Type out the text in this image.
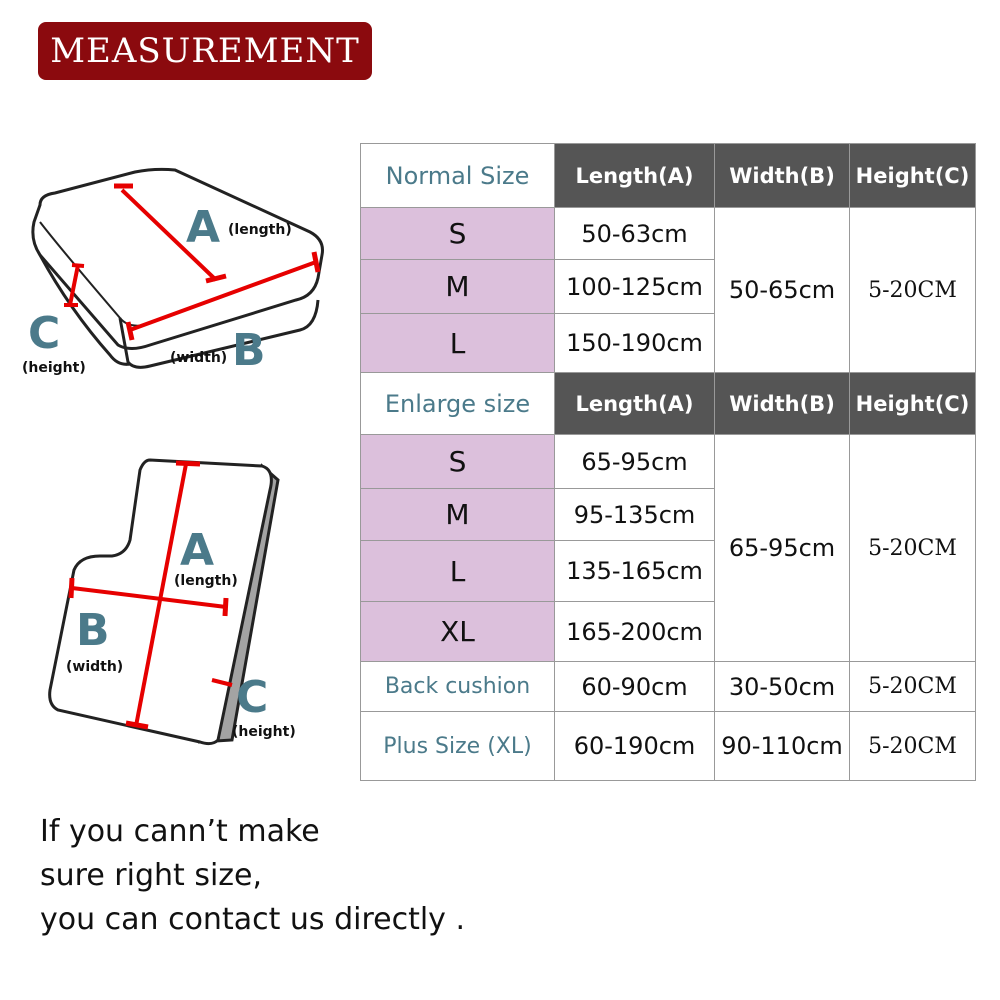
MEASUREMENT
A (length)
B
(width)
C
(height)
A
(length)
B
(width)
C
(height)
Normal Size	Length(A)	Width(B)	Height(C)
S	50-63cm	50-65cm	5-20CM
M	100-125cm		
L	150-190cm		
Enlarge size	Length(A)	Width(B)	Height(C)
S	65-95cm	65-95cm	5-20CM
M	95-135cm		
L	135-165cm		
XL	165-200cm		
Back cushion	60-90cm	30-50cm	5-20CM
Plus Size (XL)	60-190cm	90-110cm	5-20CM
If you cann’t make
sure right size,
you can contact us directly .
